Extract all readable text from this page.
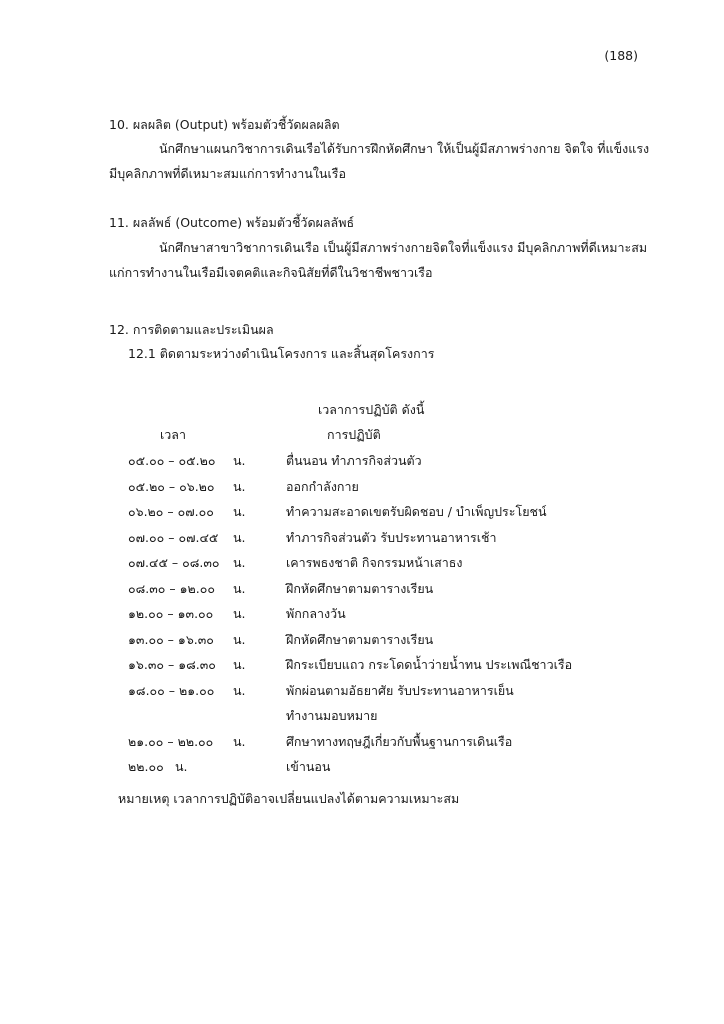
(188)
10. ผลผลิต (Output) พร้อมตัวชี้วัดผลผลิต
นักศึกษาแผนกวิชาการเดินเรือได้รับการฝึกหัดศึกษา ให้เป็นผู้มีสภาพร่างกาย จิตใจ ที่แข็งแรง
มีบุคลิกภาพที่ดีเหมาะสมแก่การทำงานในเรือ
11. ผลลัพธ์ (Outcome) พร้อมตัวชี้วัดผลลัพธ์
นักศึกษาสาขาวิชาการเดินเรือ เป็นผู้มีสภาพร่างกายจิตใจที่แข็งแรง มีบุคลิกภาพที่ดีเหมาะสม
แก่การทำงานในเรือมีเจตคติและกิจนิสัยที่ดีในวิชาชีพชาวเรือ
12. การติดตามและประเมินผล
12.1 ติดตามระหว่างดำเนินโครงการ และสิ้นสุดโครงการ
เวลาการปฏิบัติ ดังนี้
เวลา	การปฏิบัติ
๐๕.๐๐ – ๐๕.๒๐ น.	ตื่นนอน ทำภารกิจส่วนตัว
๐๕.๒๐ – ๐๖.๒๐ น.	ออกกำลังกาย
๐๖.๒๐ – ๐๗.๐๐ น.	ทำความสะอาดเขตรับผิดชอบ / บำเพ็ญประโยชน์
๐๗.๐๐ – ๐๗.๔๕ น.	ทำภารกิจส่วนตัว รับประทานอาหารเช้า
๐๗.๔๕ – ๐๘.๓๐ น.	เคารพธงชาติ กิจกรรมหน้าเสาธง
๐๘.๓๐ – ๑๒.๐๐ น.	ฝึกหัดศึกษาตามตารางเรียน
๑๒.๐๐ – ๑๓.๐๐ น.	พักกลางวัน
๑๓.๐๐ – ๑๖.๓๐ น.	ฝึกหัดศึกษาตามตารางเรียน
๑๖.๓๐ – ๑๘.๓๐ น.	ฝึกระเบียบแถว กระโดดน้ำว่ายน้ำทน ประเพณีชาวเรือ
๑๘.๐๐ – ๒๑.๐๐ น.	พักผ่อนตามอัธยาศัย รับประทานอาหารเย็น
ทำงานมอบหมาย
๒๑.๐๐ – ๒๒.๐๐ น.	ศึกษาทางทฤษฎีเกี่ยวกับพื้นฐานการเดินเรือ
๒๒.๐๐ น.	เข้านอน
หมายเหตุ เวลาการปฏิบัติอาจเปลี่ยนแปลงได้ตามความเหมาะสม
